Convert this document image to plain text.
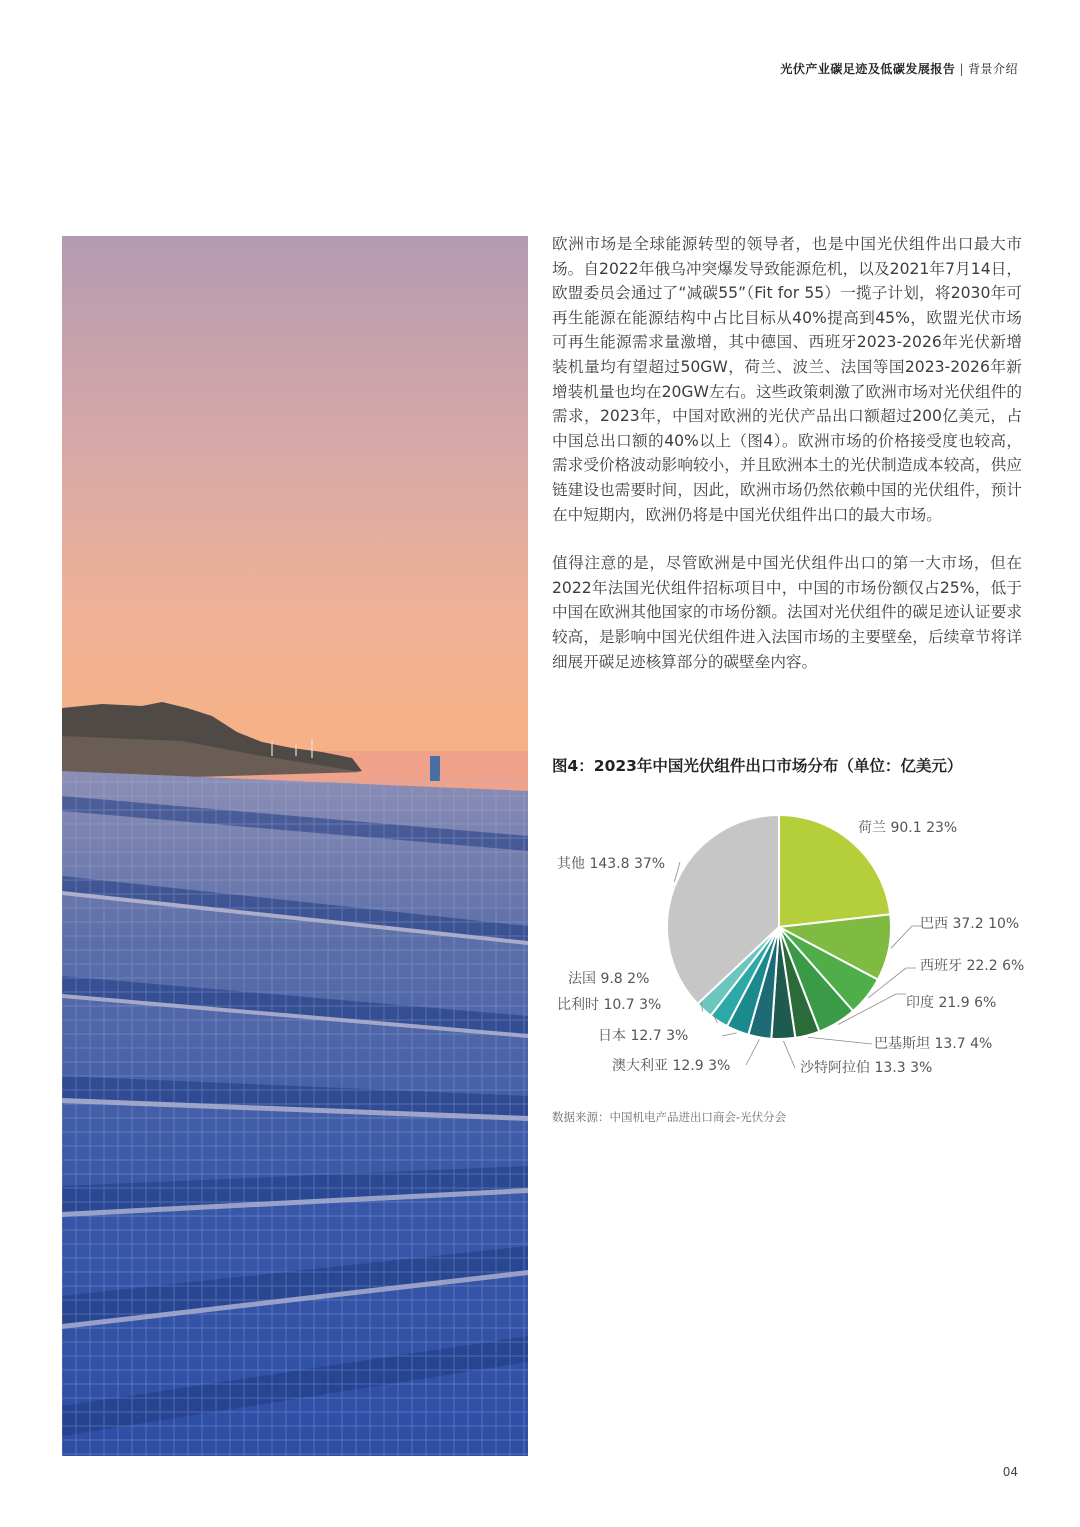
光伏产业碳足迹及低碳发展报告 | 背景介绍

欧洲市场是全球能源转型的领导者，也是中国光伏组件出口最大市场。自2022年俄乌冲突爆发导致能源危机，以及2021年7月14日，欧盟委员会通过了“减碳55”（Fit for 55）一揽子计划，将2030年可再生能源在能源结构中占比目标从40%提高到45%，欧盟光伏市场可再生能源需求量激增，其中德国、西班牙2023-2026年光伏新增装机量均有望超过50GW，荷兰、波兰、法国等国2023-2026年新增装机量也均在20GW左右。这些政策刺激了欧洲市场对光伏组件的需求，2023年，中国对欧洲的光伏产品出口额超过200亿美元，占中国总出口额的40%以上（图4）。欧洲市场的价格接受度也较高，需求受价格波动影响较小，并且欧洲本土的光伏制造成本较高，供应链建设也需要时间，因此，欧洲市场仍然依赖中国的光伏组件，预计在中短期内，欧洲仍将是中国光伏组件出口的最大市场。

值得注意的是，尽管欧洲是中国光伏组件出口的第一大市场，但在2022年法国光伏组件招标项目中，中国的市场份额仅占25%，低于中国在欧洲其他国家的市场份额。法国对光伏组件的碳足迹认证要求较高，是影响中国光伏组件进入法国市场的主要壁垒，后续章节将详细展开碳足迹核算部分的碳壁垒内容。

图4：2023年中国光伏组件出口市场分布（单位：亿美元）
荷兰 90.1 23%
巴西 37.2 10%
西班牙 22.2 6%
印度 21.9 6%
巴基斯坦 13.7 4%
沙特阿拉伯 13.3 3%
澳大利亚 12.9 3%
日本 12.7 3%
比利时 10.7 3%
法国 9.8 2%
其他 143.8 37%
数据来源：中国机电产品进出口商会-光伏分会
04
